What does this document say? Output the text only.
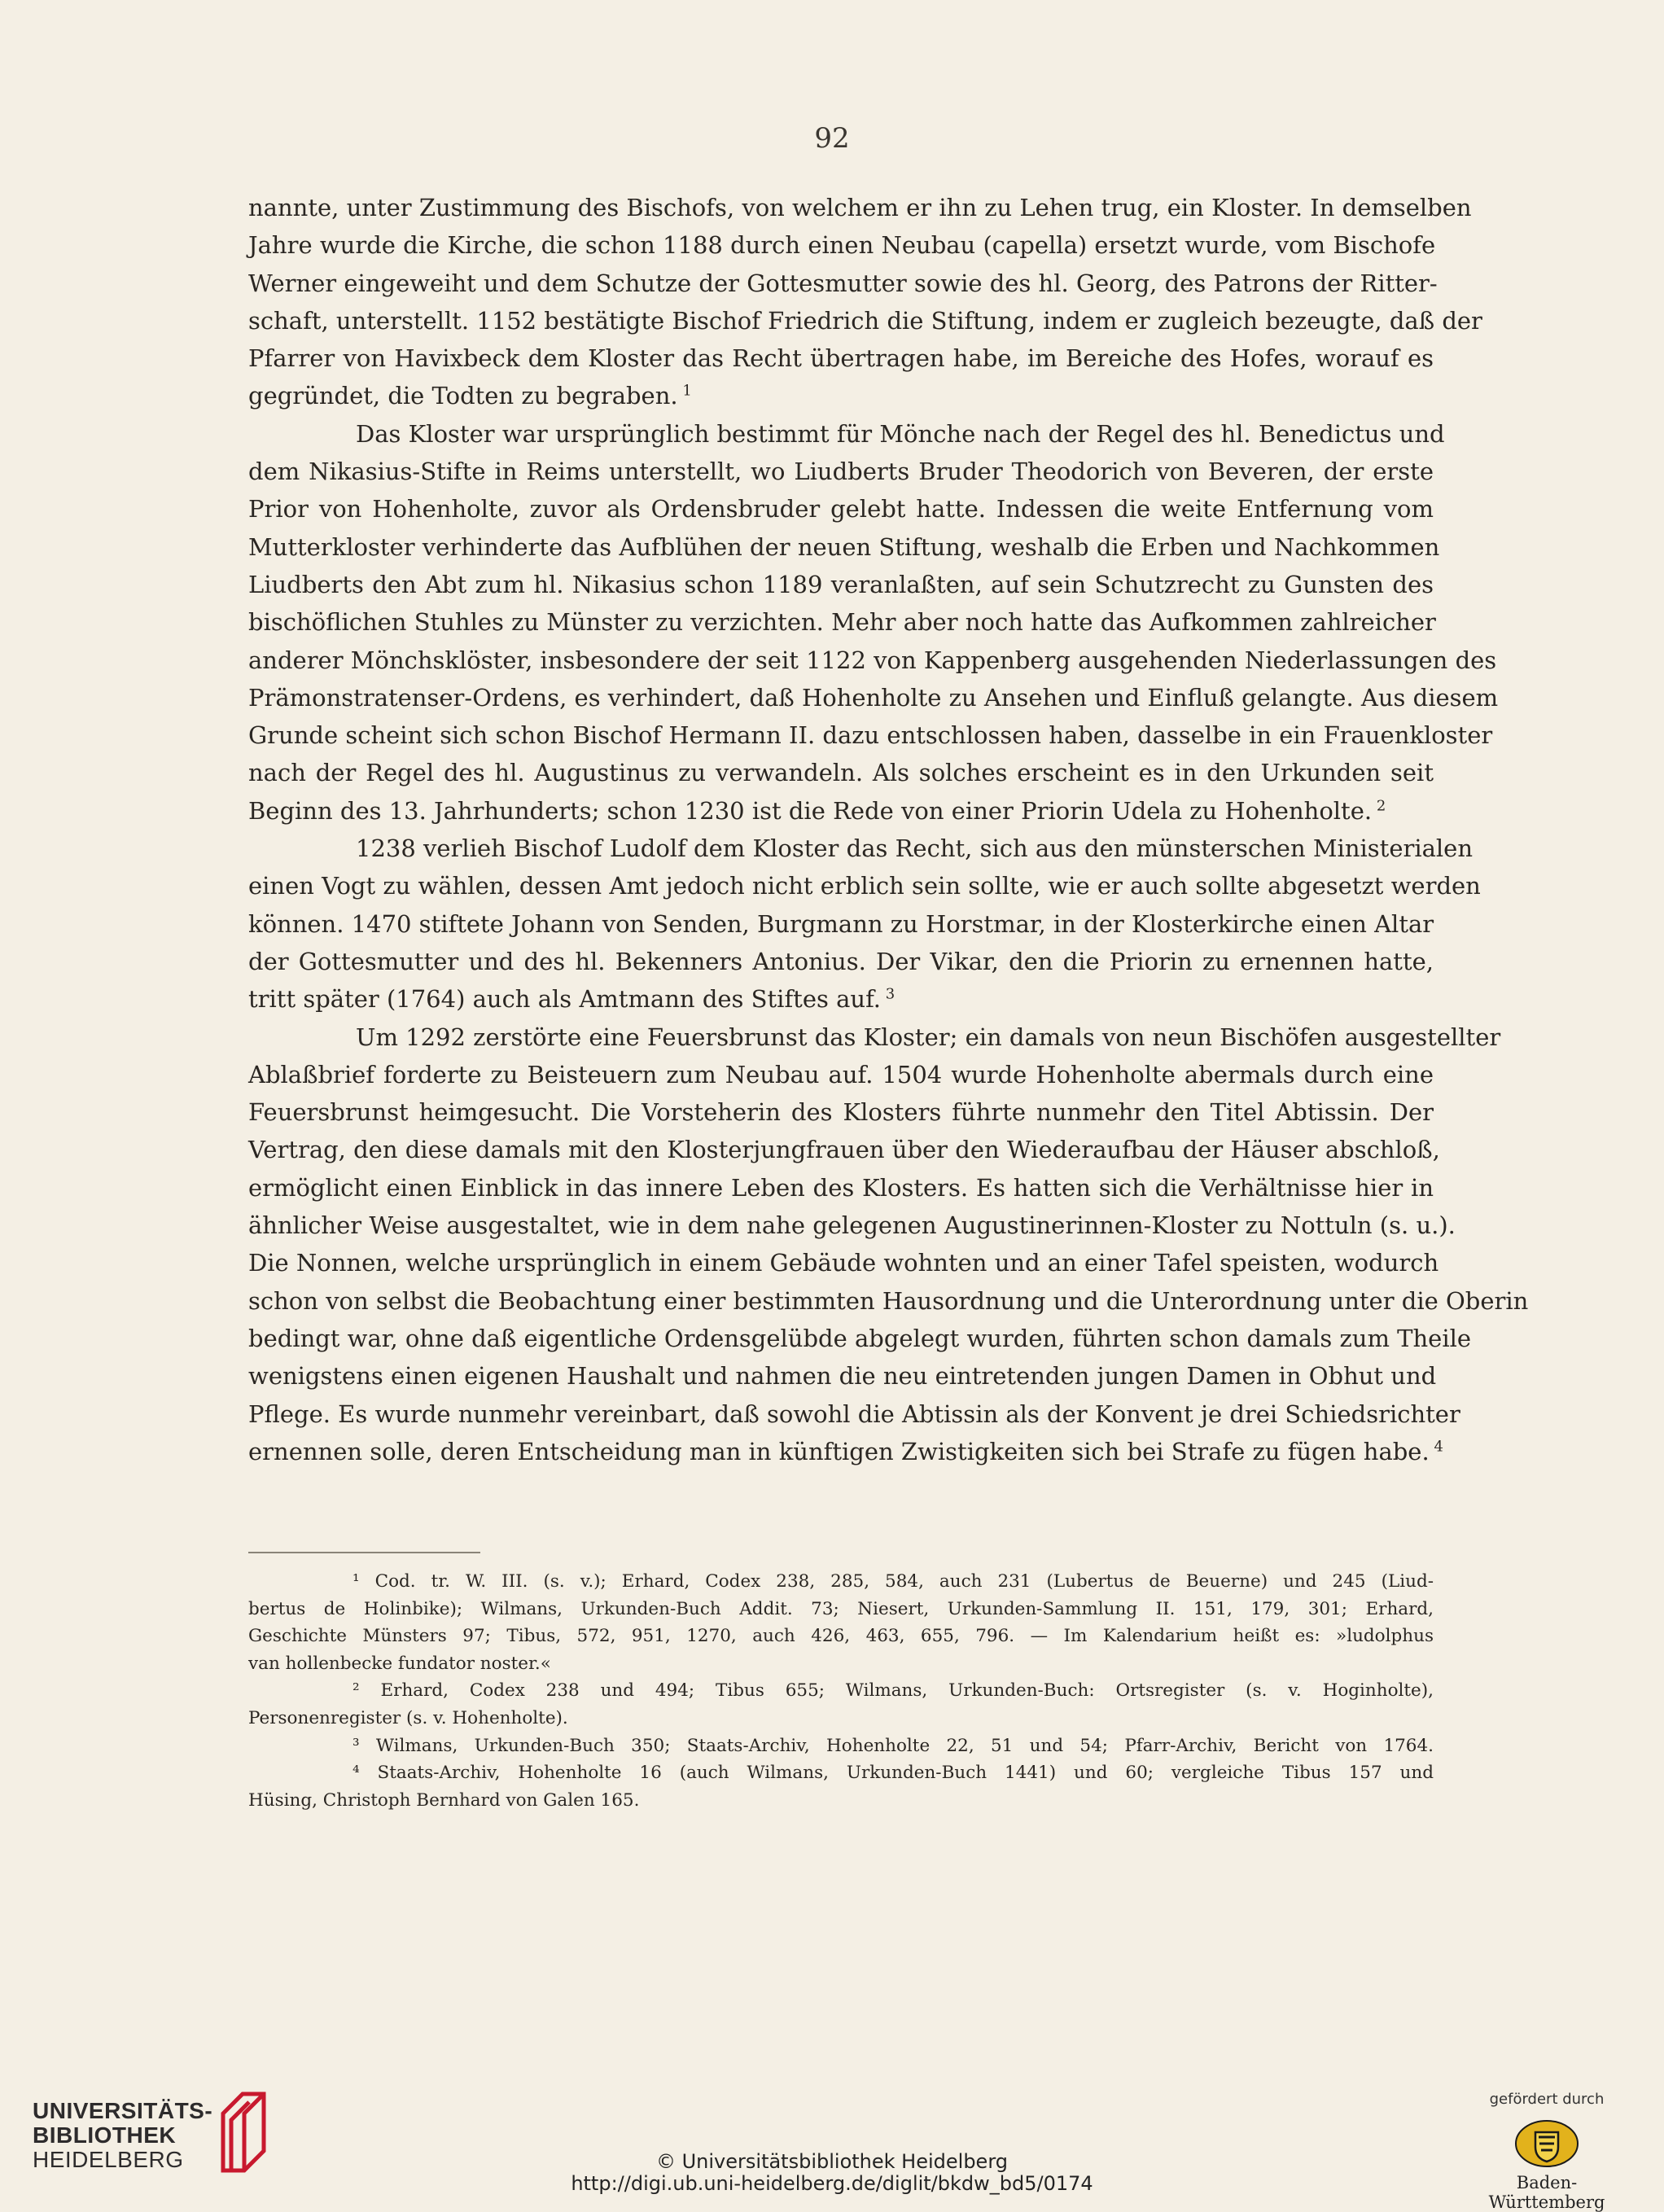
92
nannte, unter Zustimmung des Bischofs, von welchem er ihn zu Lehen trug, ein Kloster. In demselben
Jahre wurde die Kirche, die schon 1188 durch einen Neubau (capella) ersetzt wurde, vom Bischofe
Werner eingeweiht und dem Schutze der Gottesmutter sowie des hl. Georg, des Patrons der Ritter-
schaft, unterstellt. 1152 bestätigte Bischof Friedrich die Stiftung, indem er zugleich bezeugte, daß der
Pfarrer von Havixbeck dem Kloster das Recht übertragen habe, im Bereiche des Hofes, worauf es
gegründet, die Todten zu begraben.  $^1$
Das Kloster war ursprünglich bestimmt für Mönche nach der Regel des hl. Benedictus und
dem Nikasius-Stifte in Reims unterstellt, wo Liudberts Bruder Theodorich von Beveren, der erste
Prior von Hohenholte, zuvor als Ordensbruder gelebt hatte. Indessen die weite Entfernung vom
Mutterkloster verhinderte das Aufblühen der neuen Stiftung, weshalb die Erben und Nachkommen
Liudberts den Abt zum hl. Nikasius schon 1189 veranlaßten, auf sein Schutzrecht zu Gunsten des
bischöflichen Stuhles zu Münster zu verzichten. Mehr aber noch hatte das Aufkommen zahlreicher
anderer Mönchsklöster, insbesondere der seit 1122 von Kappenberg ausgehenden Niederlassungen des
Prämonstratenser-Ordens, es verhindert, daß Hohenholte zu Ansehen und Einfluß gelangte. Aus diesem
Grunde scheint sich schon Bischof Hermann II. dazu entschlossen haben, dasselbe in ein Frauenkloster
nach der Regel des hl. Augustinus zu verwandeln. Als solches erscheint es in den Urkunden seit
Beginn des 13. Jahrhunderts; schon 1230 ist die Rede von einer Priorin Udela zu Hohenholte.  $^2$
1238 verlieh Bischof Ludolf dem Kloster das Recht, sich aus den münsterschen Ministerialen
einen Vogt zu wählen, dessen Amt jedoch nicht erblich sein sollte, wie er auch sollte abgesetzt werden
können. 1470 stiftete Johann von Senden, Burgmann zu Horstmar, in der Klosterkirche einen Altar
der Gottesmutter und des hl. Bekenners Antonius. Der Vikar, den die Priorin zu ernennen hatte,
tritt später (1764) auch als Amtmann des Stiftes auf.  $^3$
Um 1292 zerstörte eine Feuersbrunst das Kloster; ein damals von neun Bischöfen ausgestellter
Ablaßbrief forderte zu Beisteuern zum Neubau auf. 1504 wurde Hohenholte abermals durch eine
Feuersbrunst heimgesucht. Die Vorsteherin des Klosters führte nunmehr den Titel Abtissin. Der
Vertrag, den diese damals mit den Klosterjungfrauen über den Wiederaufbau der Häuser abschloß,
ermöglicht einen Einblick in das innere Leben des Klosters. Es hatten sich die Verhältnisse hier in
ähnlicher Weise ausgestaltet, wie in dem nahe gelegenen Augustinerinnen-Kloster zu Nottuln (s. u.).
Die Nonnen, welche ursprünglich in einem Gebäude wohnten und an einer Tafel speisten, wodurch
schon von selbst die Beobachtung einer bestimmten Hausordnung und die Unterordnung unter die Oberin
bedingt war, ohne daß eigentliche Ordensgelübde abgelegt wurden, führten schon damals zum Theile
wenigstens einen eigenen Haushalt und nahmen die neu eintretenden jungen Damen in Obhut und
Pflege. Es wurde nunmehr vereinbart, daß sowohl die Abtissin als der Konvent je drei Schiedsrichter
ernennen solle, deren Entscheidung man in künftigen Zwistigkeiten sich bei Strafe zu fügen habe.  $^4$
¹ Cod. tr. W. III. (s. v.); Erhard, Codex 238, 285, 584, auch 231 (Lubertus de Beuerne) und 245 (Liud-
bertus de Holinbike); Wilmans, Urkunden-Buch Addit. 73; Niesert, Urkunden-Sammlung II. 151, 179, 301; Erhard,
Geschichte Münsters 97; Tibus, 572, 951, 1270, auch 426, 463, 655, 796. — Im Kalendarium heißt es: »ludolphus
van hollenbecke fundator noster.«
² Erhard, Codex 238 und 494; Tibus 655; Wilmans, Urkunden-Buch: Ortsregister (s. v. Hoginholte),
Personenregister (s. v. Hohenholte).
³ Wilmans, Urkunden-Buch 350; Staats-Archiv, Hohenholte 22, 51 und 54; Pfarr-Archiv, Bericht von 1764.
⁴ Staats-Archiv, Hohenholte 16 (auch Wilmans, Urkunden-Buch 1441) und 60; vergleiche Tibus 157 und
Hüsing, Christoph Bernhard von Galen 165.
UNIVERSITÄTS-
BIBLIOTHEK
HEIDELBERG	© Universitätsbibliothek Heidelberg
http://digi.ub.uni-heidelberg.de/diglit/bkdw_bd5/0174
gefördert durch
Baden-Württemberg
